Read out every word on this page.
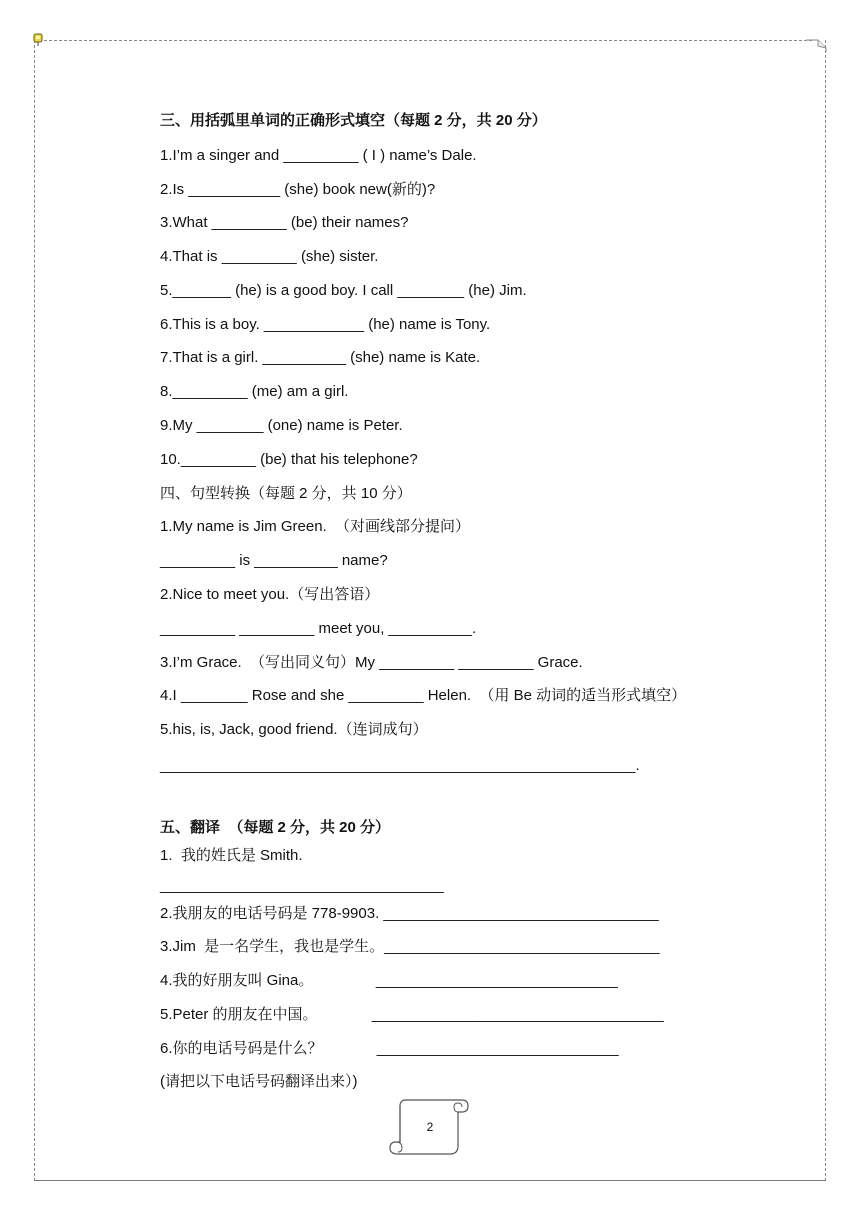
三、用括弧里单词的正确形式填空（每题 2 分，共 20 分）
1.I’m a singer and _________ ( I ) name’s Dale.
2.Is ___________ (she) book new(新的)?
3.What _________ (be) their names?
4.That is _________ (she) sister.
5._______ (he) is a good boy. I call ________ (he) Jim.
6.This is a boy. ____________ (he) name is Tony.
7.That is a girl. __________ (she) name is Kate.
8._________ (me) am a girl.
9.My ________ (one) name is Peter.
10._________ (be) that his telephone?
四、句型转换（每题 2 分，共 10 分）
1.My name is Jim Green.  （对画线部分提问）
_________ is __________ name?
2.Nice to meet you.（写出答语）
_________ _________ meet you, __________.
3.I’m Grace.  （写出同义句）My _________ _________ Grace.
4.I ________ Rose and she _________ Helen.  （用 Be 动词的适当形式填空）
5.his, is, Jack, good friend.（连词成句）
_________________________________________________________.
五、翻译  （每题 2 分，共 20 分）
1.  我的姓氏是 Smith.
__________________________________
2.我朋友的电话号码是 778-9903. _________________________________
3.Jim  是一名学生，我也是学生。_________________________________
4.我的好朋友叫 Gina。               _____________________________
5.Peter 的朋友在中国。             ___________________________________
6.你的电话号码是什么？             _____________________________
(请把以下电话号码翻译出来）)
2
